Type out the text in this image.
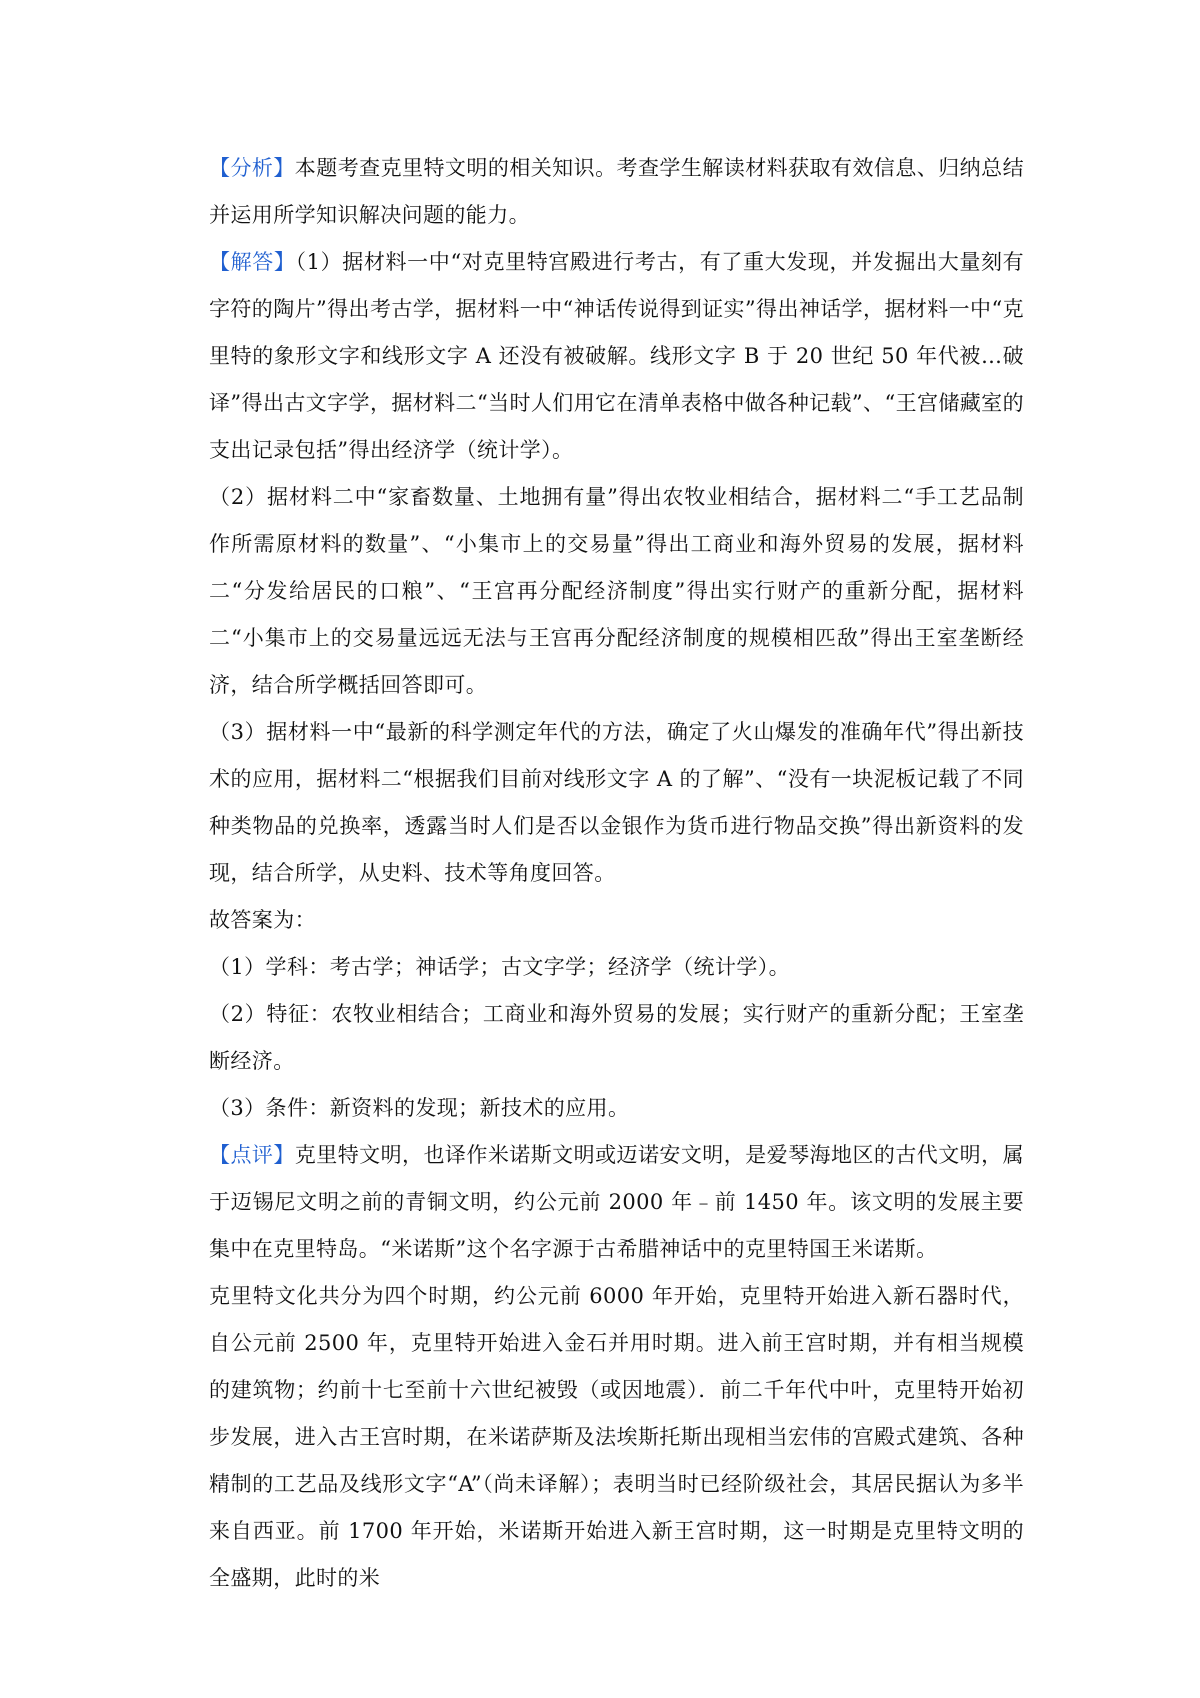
【分析】本题考查克里特文明的相关知识。考查学生解读材料获取有效信息、归纳总结并运用所学知识解决问题的能力。

【解答】（1）据材料一中“对克里特宫殿进行考古，有了重大发现，并发掘出大量刻有字符的陶片”得出考古学，据材料一中“神话传说得到证实”得出神话学，据材料一中“克里特的象形文字和线形文字 A 还没有被破解。线形文字 B 于 20 世纪 50 年代被…破译”得出古文字学，据材料二“当时人们用它在清单表格中做各种记载”、“王宫储藏室的支出记录包括”得出经济学（统计学）。

（2）据材料二中“家畜数量、土地拥有量”得出农牧业相结合，据材料二“手工艺品制作所需原材料的数量”、“小集市上的交易量”得出工商业和海外贸易的发展，据材料二“分发给居民的口粮”、“王宫再分配经济制度”得出实行财产的重新分配，据材料二“小集市上的交易量远远无法与王宫再分配经济制度的规模相匹敌”得出王室垄断经济，结合所学概括回答即可。

（3）据材料一中“最新的科学测定年代的方法，确定了火山爆发的准确年代”得出新技术的应用，据材料二“根据我们目前对线形文字 A 的了解”、“没有一块泥板记载了不同种类物品的兑换率，透露当时人们是否以金银作为货币进行物品交换”得出新资料的发现，结合所学，从史料、技术等角度回答。

故答案为：

（1）学科：考古学；神话学；古文字学；经济学（统计学）。

（2）特征：农牧业相结合；工商业和海外贸易的发展；实行财产的重新分配；王室垄断经济。

（3）条件：新资料的发现；新技术的应用。

【点评】克里特文明，也译作米诺斯文明或迈诺安文明，是爱琴海地区的古代文明，属于迈锡尼文明之前的青铜文明，约公元前 2000 年﹣前 1450 年。该文明的发展主要集中在克里特岛。“米诺斯”这个名字源于古希腊神话中的克里特国王米诺斯。

克里特文化共分为四个时期，约公元前 6000 年开始，克里特开始进入新石器时代，自公元前 2500 年，克里特开始进入金石并用时期。进入前王宫时期，并有相当规模的建筑物；约前十七至前十六世纪被毁（或因地震）．前二千年代中叶，克里特开始初步发展，进入古王宫时期，在米诺萨斯及法埃斯托斯出现相当宏伟的宫殿式建筑、各种精制的工艺品及线形文字“A”（尚未译解）；表明当时已经阶级社会，其居民据认为多半来自西亚。前 1700 年开始，米诺斯开始进入新王宫时期，这一时期是克里特文明的全盛期，此时的米
